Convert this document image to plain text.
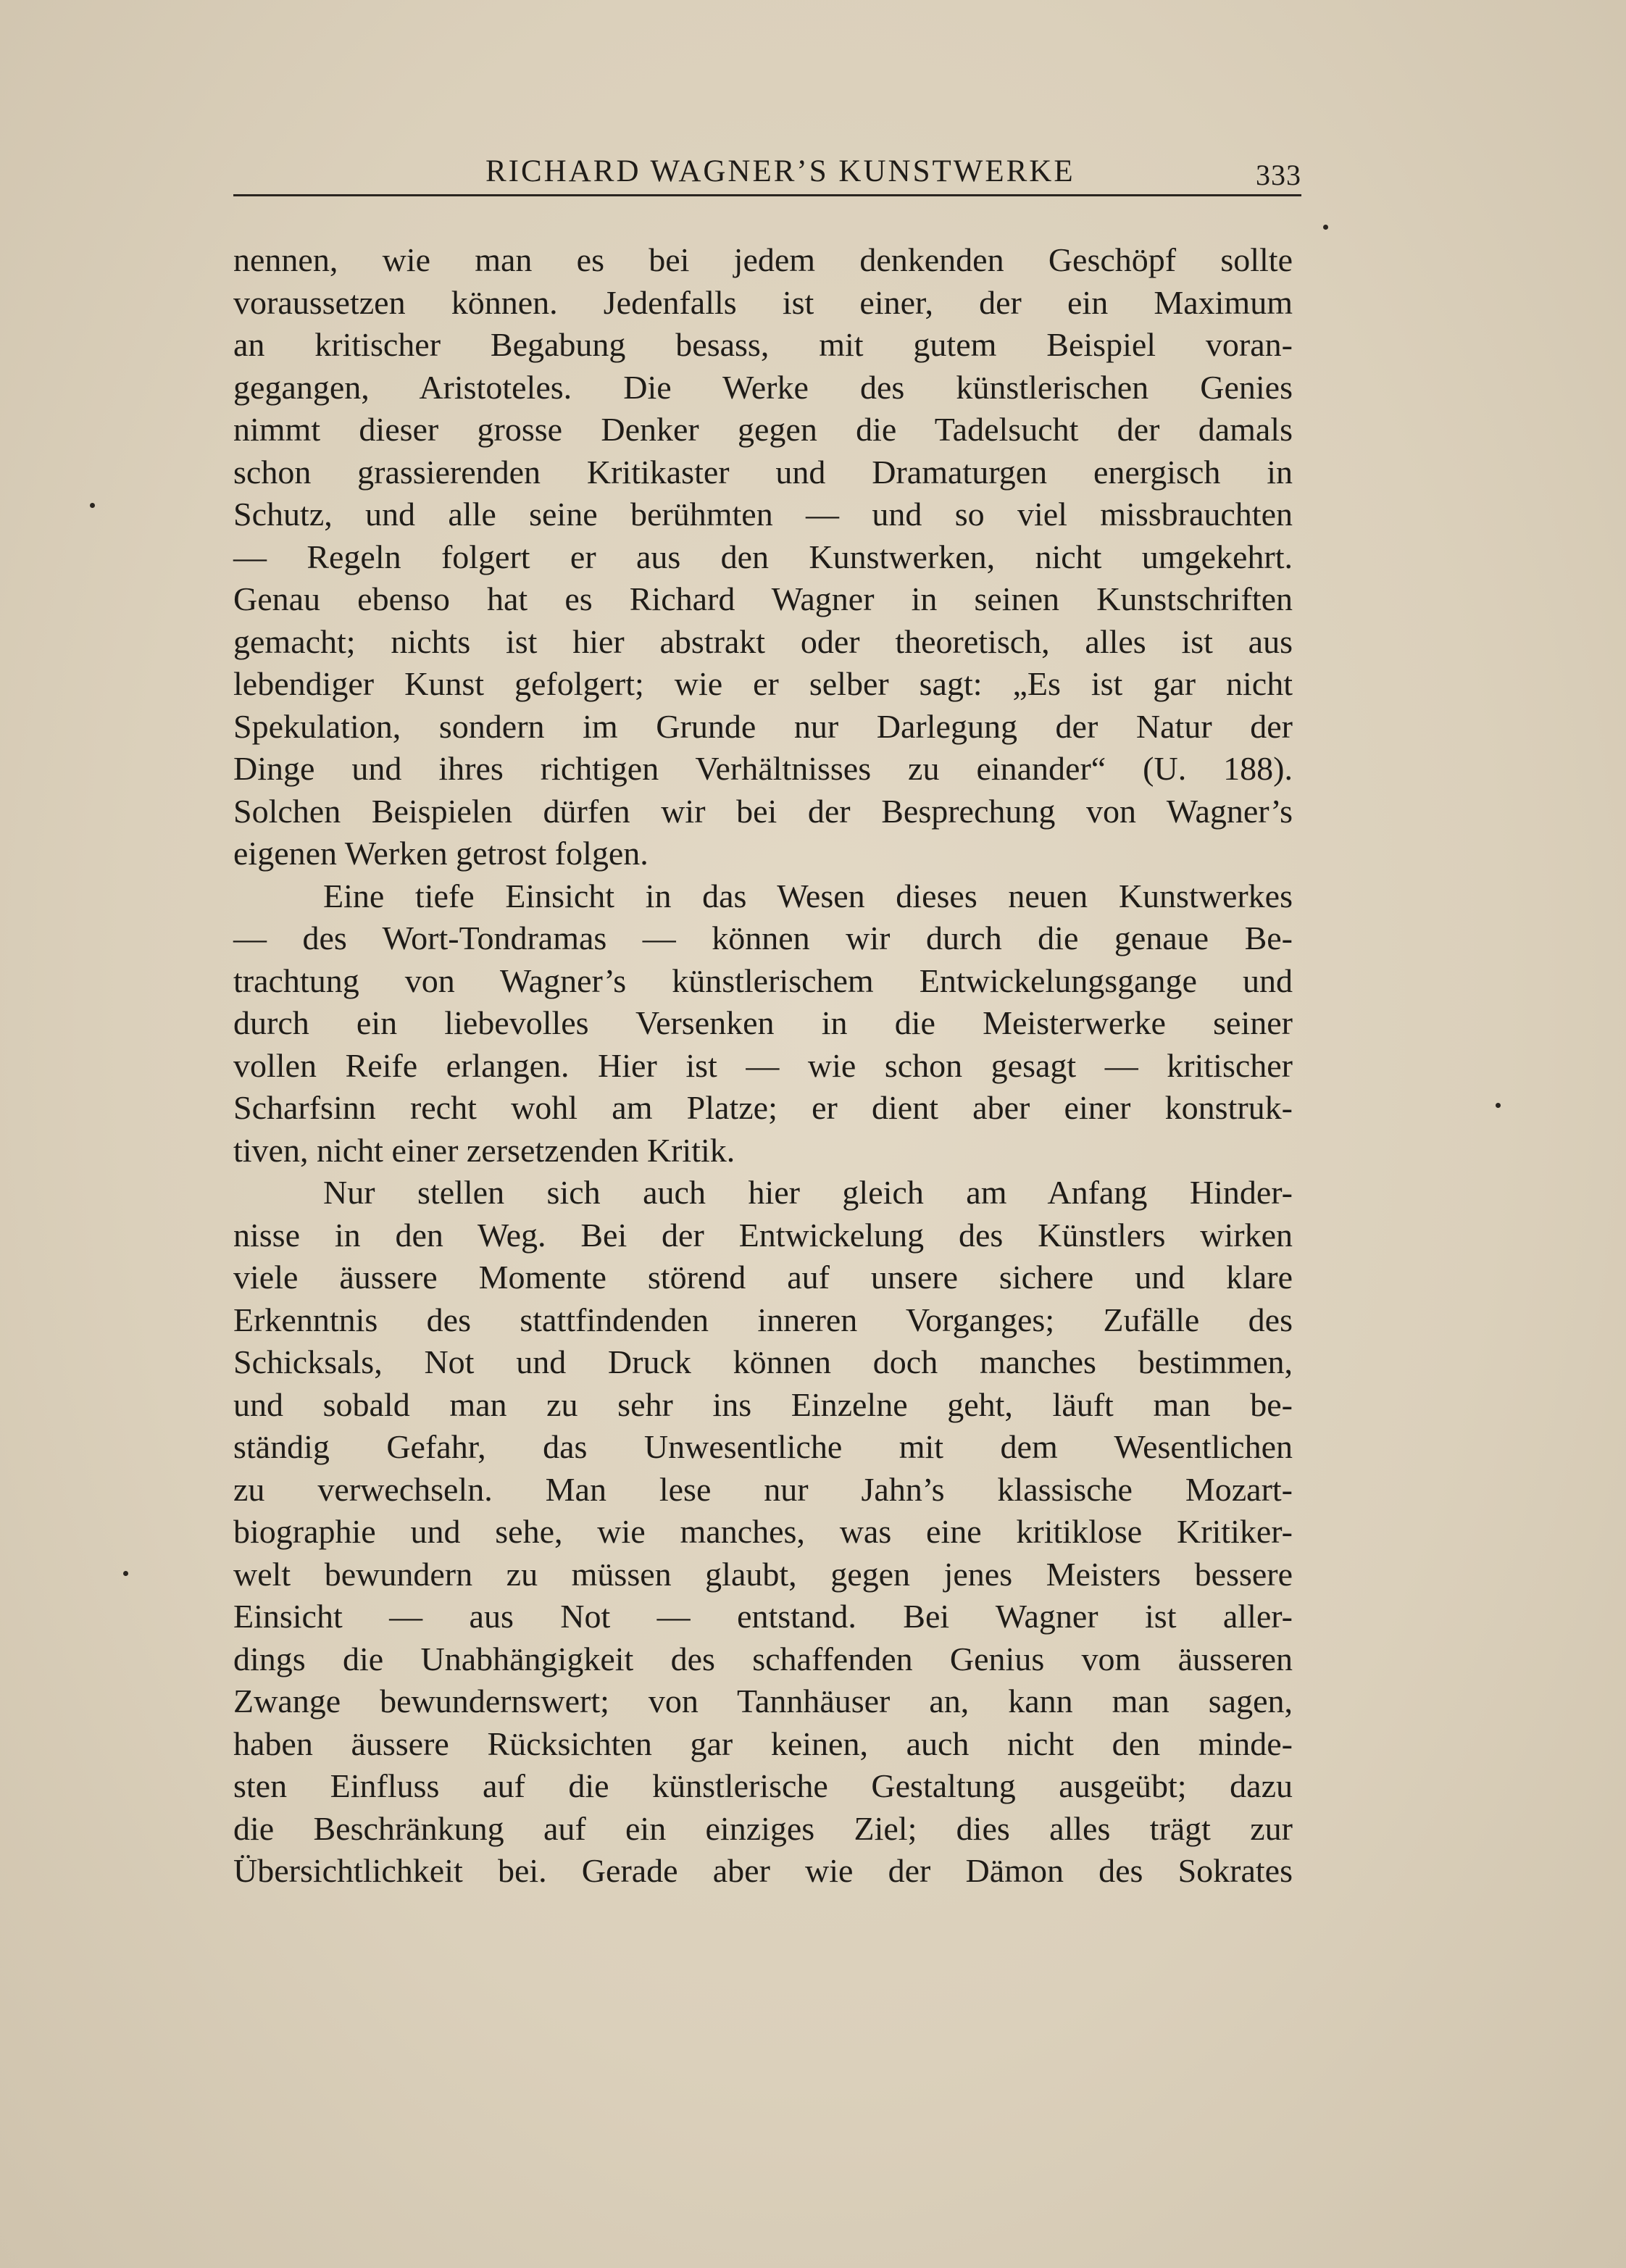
RICHARD WAGNER’S KUNSTWERKE	333
nennen, wie man es bei jedem denkenden Geschöpf sollte
voraussetzen können. Jedenfalls ist einer, der ein Maximum
an kritischer Begabung besass, mit gutem Beispiel voran-
gegangen, Aristoteles. Die Werke des künstlerischen Genies
nimmt dieser grosse Denker gegen die Tadelsucht der damals
schon grassierenden Kritikaster und Dramaturgen energisch in
Schutz, und alle seine berühmten — und so viel missbrauchten
— Regeln folgert er aus den Kunstwerken, nicht umgekehrt.
Genau ebenso hat es Richard Wagner in seinen Kunstschriften
gemacht; nichts ist hier abstrakt oder theoretisch, alles ist aus
lebendiger Kunst gefolgert; wie er selber sagt: „Es ist gar nicht
Spekulation, sondern im Grunde nur Darlegung der Natur der
Dinge und ihres richtigen Verhältnisses zu einander“ (U. 188).
Solchen Beispielen dürfen wir bei der Besprechung von Wagner’s
eigenen Werken getrost folgen.
Eine tiefe Einsicht in das Wesen dieses neuen Kunstwerkes
— des Wort-Tondramas — können wir durch die genaue Be-
trachtung von Wagner’s künstlerischem Entwickelungsgange und
durch ein liebevolles Versenken in die Meisterwerke seiner
vollen Reife erlangen. Hier ist — wie schon gesagt — kritischer
Scharfsinn recht wohl am Platze; er dient aber einer konstruk-
tiven, nicht einer zersetzenden Kritik.
Nur stellen sich auch hier gleich am Anfang Hinder-
nisse in den Weg. Bei der Entwickelung des Künstlers wirken
viele äussere Momente störend auf unsere sichere und klare
Erkenntnis des stattfindenden inneren Vorganges; Zufälle des
Schicksals, Not und Druck können doch manches bestimmen,
und sobald man zu sehr ins Einzelne geht, läuft man be-
ständig Gefahr, das Unwesentliche mit dem Wesentlichen
zu verwechseln. Man lese nur Jahn’s klassische Mozart-
biographie und sehe, wie manches, was eine kritiklose Kritiker-
welt bewundern zu müssen glaubt, gegen jenes Meisters bessere
Einsicht — aus Not — entstand. Bei Wagner ist aller-
dings die Unabhängigkeit des schaffenden Genius vom äusseren
Zwange bewundernswert; von Tannhäuser an, kann man sagen,
haben äussere Rücksichten gar keinen, auch nicht den minde-
sten Einfluss auf die künstlerische Gestaltung ausgeübt; dazu
die Beschränkung auf ein einziges Ziel; dies alles trägt zur
Übersichtlichkeit bei. Gerade aber wie der Dämon des Sokrates
